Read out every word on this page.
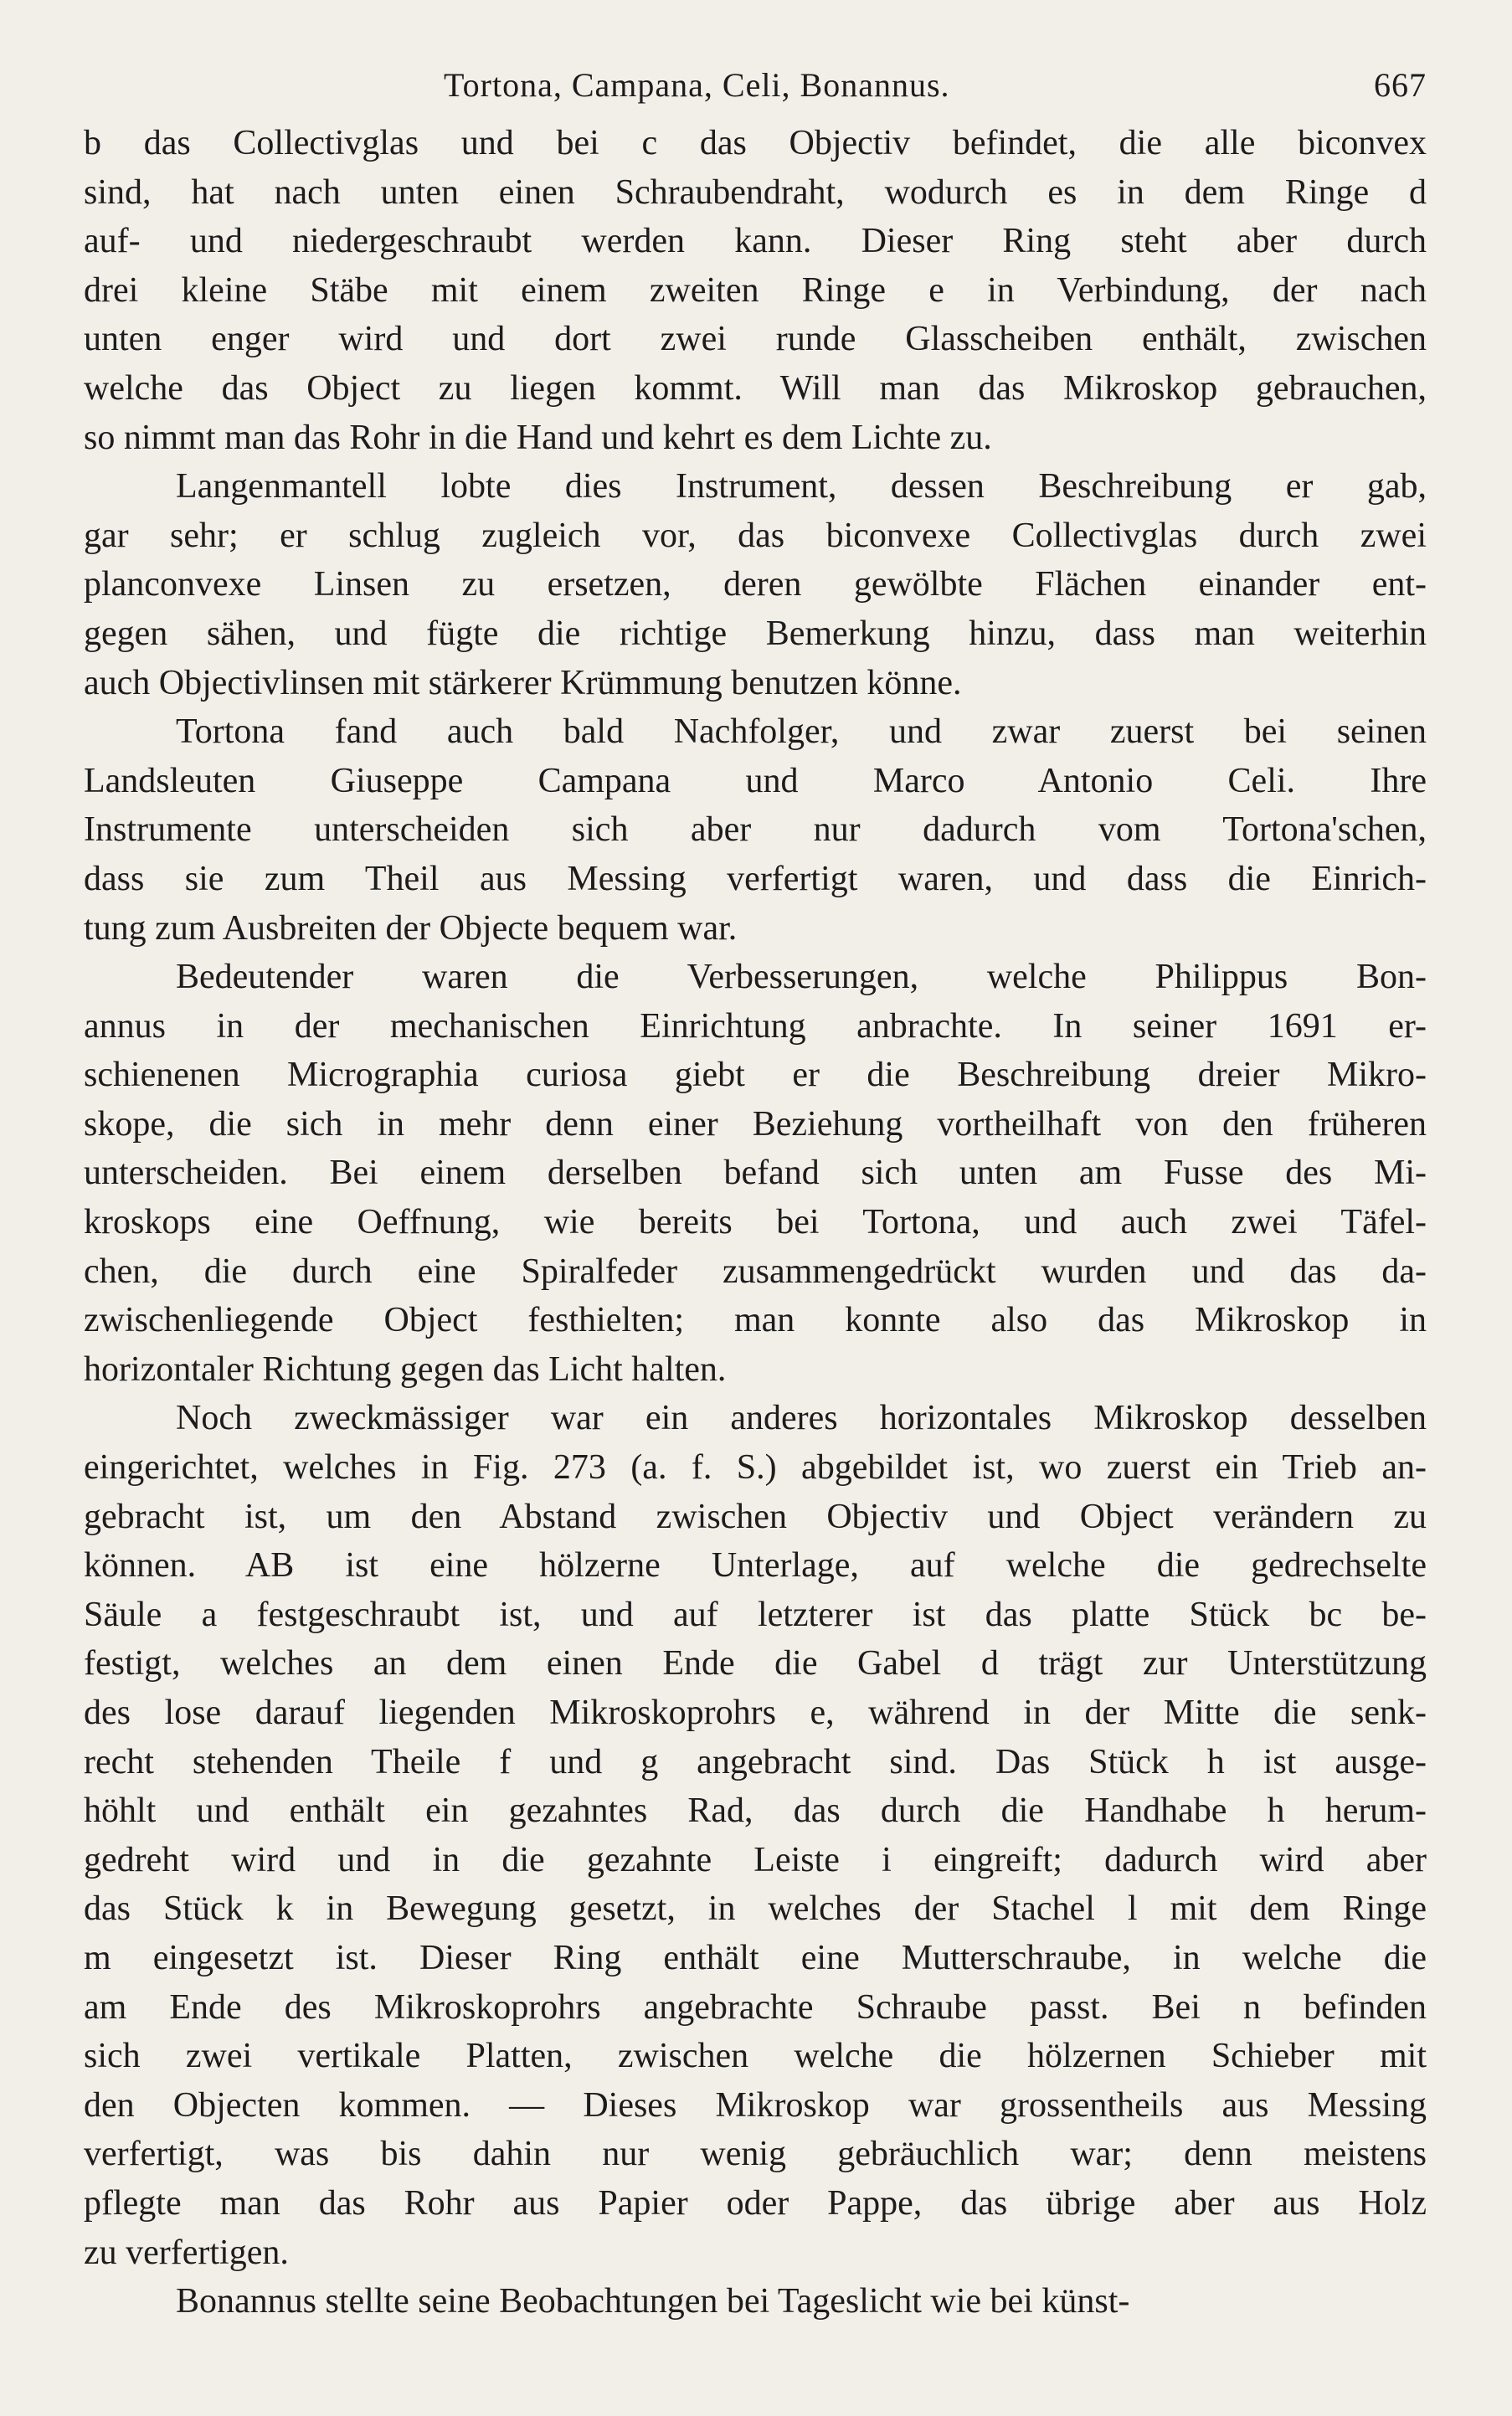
Tortona, Campana, Celi, Bonannus.	667
b das Collectivglas und bei c das Objectiv befindet, die alle biconvex
sind, hat nach unten einen Schraubendraht, wodurch es in dem Ringe d
auf- und niedergeschraubt werden kann. Dieser Ring steht aber durch
drei kleine Stäbe mit einem zweiten Ringe e in Verbindung, der nach
unten enger wird und dort zwei runde Glasscheiben enthält, zwischen
welche das Object zu liegen kommt. Will man das Mikroskop gebrauchen,
so nimmt man das Rohr in die Hand und kehrt es dem Lichte zu.
Langenmantell lobte dies Instrument, dessen Beschreibung er gab,
gar sehr; er schlug zugleich vor, das biconvexe Collectivglas durch zwei
planconvexe Linsen zu ersetzen, deren gewölbte Flächen einander ent-
gegen sähen, und fügte die richtige Bemerkung hinzu, dass man weiterhin
auch Objectivlinsen mit stärkerer Krümmung benutzen könne.
Tortona fand auch bald Nachfolger, und zwar zuerst bei seinen
Landsleuten Giuseppe Campana und Marco Antonio Celi. Ihre
Instrumente unterscheiden sich aber nur dadurch vom Tortona'schen,
dass sie zum Theil aus Messing verfertigt waren, und dass die Einrich-
tung zum Ausbreiten der Objecte bequem war.
Bedeutender waren die Verbesserungen, welche Philippus Bon-
annus in der mechanischen Einrichtung anbrachte. In seiner 1691 er-
schienenen Micrographia curiosa giebt er die Beschreibung dreier Mikro-
skope, die sich in mehr denn einer Beziehung vortheilhaft von den früheren
unterscheiden. Bei einem derselben befand sich unten am Fusse des Mi-
kroskops eine Oeffnung, wie bereits bei Tortona, und auch zwei Täfel-
chen, die durch eine Spiralfeder zusammengedrückt wurden und das da-
zwischenliegende Object festhielten; man konnte also das Mikroskop in
horizontaler Richtung gegen das Licht halten.
Noch zweckmässiger war ein anderes horizontales Mikroskop desselben
eingerichtet, welches in Fig. 273 (a. f. S.) abgebildet ist, wo zuerst ein Trieb an-
gebracht ist, um den Abstand zwischen Objectiv und Object verändern zu
können. AB ist eine hölzerne Unterlage, auf welche die gedrechselte
Säule a festgeschraubt ist, und auf letzterer ist das platte Stück bc be-
festigt, welches an dem einen Ende die Gabel d trägt zur Unterstützung
des lose darauf liegenden Mikroskoprohrs e, während in der Mitte die senk-
recht stehenden Theile f und g angebracht sind. Das Stück h ist ausge-
höhlt und enthält ein gezahntes Rad, das durch die Handhabe h herum-
gedreht wird und in die gezahnte Leiste i eingreift; dadurch wird aber
das Stück k in Bewegung gesetzt, in welches der Stachel l mit dem Ringe
m eingesetzt ist. Dieser Ring enthält eine Mutterschraube, in welche die
am Ende des Mikroskoprohrs angebrachte Schraube passt. Bei n befinden
sich zwei vertikale Platten, zwischen welche die hölzernen Schieber mit
den Objecten kommen. — Dieses Mikroskop war grossentheils aus Messing
verfertigt, was bis dahin nur wenig gebräuchlich war; denn meistens
pflegte man das Rohr aus Papier oder Pappe, das übrige aber aus Holz
zu verfertigen.
Bonannus stellte seine Beobachtungen bei Tageslicht wie bei künst-
